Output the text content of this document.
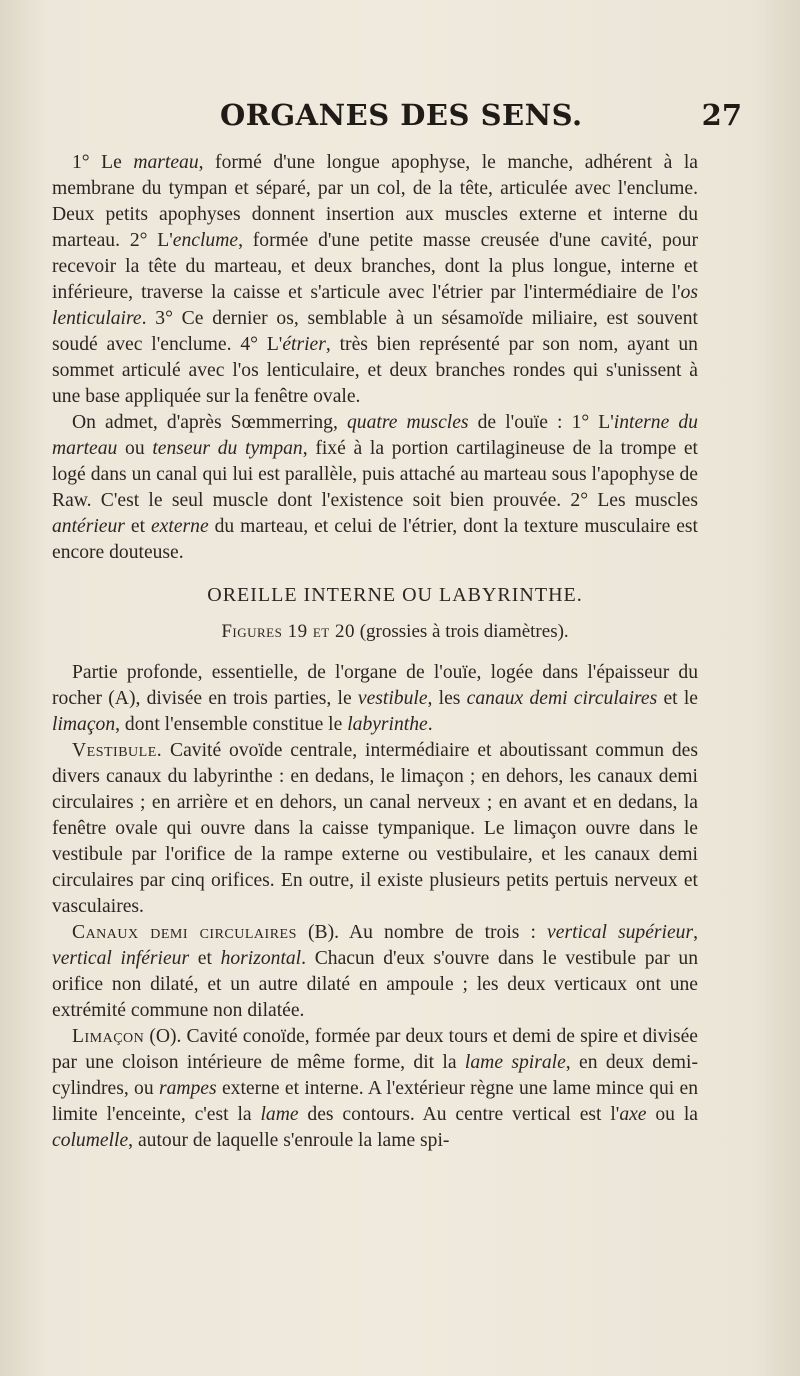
ORGANES DES SENS.	27

1° Le marteau, formé d'une longue apophyse, le manche, adhérent à la membrane du tympan et séparé, par un col, de la tête, articulée avec l'enclume. Deux petits apophyses donnent insertion aux muscles externe et interne du marteau. 2° L'enclume, formée d'une petite masse creusée d'une cavité, pour recevoir la tête du marteau, et deux branches, dont la plus longue, interne et inférieure, traverse la caisse et s'articule avec l'étrier par l'intermédiaire de l'os lenticulaire. 3° Ce dernier os, semblable à un sésamoïde miliaire, est souvent soudé avec l'enclume. 4° L'étrier, très bien représenté par son nom, ayant un sommet articulé avec l'os lenticulaire, et deux branches rondes qui s'unissent à une base appliquée sur la fenêtre ovale.

On admet, d'après Sœmmerring, quatre muscles de l'ouïe : 1° L'interne du marteau ou tenseur du tympan, fixé à la portion cartilagineuse de la trompe et logé dans un canal qui lui est parallèle, puis attaché au marteau sous l'apophyse de Raw. C'est le seul muscle dont l'existence soit bien prouvée. 2° Les muscles antérieur et externe du marteau, et celui de l'étrier, dont la texture musculaire est encore douteuse.

OREILLE INTERNE OU LABYRINTHE.

Figures 19 et 20 (grossies à trois diamètres).

Partie profonde, essentielle, de l'organe de l'ouïe, logée dans l'épaisseur du rocher (A), divisée en trois parties, le vestibule, les canaux demi circulaires et le limaçon, dont l'ensemble constitue le labyrinthe.

Vestibule. Cavité ovoïde centrale, intermédiaire et aboutissant commun des divers canaux du labyrinthe : en dedans, le limaçon ; en dehors, les canaux demi circulaires ; en arrière et en dehors, un canal nerveux ; en avant et en dedans, la fenêtre ovale qui ouvre dans la caisse tympanique. Le limaçon ouvre dans le vestibule par l'orifice de la rampe externe ou vestibulaire, et les canaux demi circulaires par cinq orifices. En outre, il existe plusieurs petits pertuis nerveux et vasculaires.

Canaux demi circulaires (B). Au nombre de trois : vertical supérieur, vertical inférieur et horizontal. Chacun d'eux s'ouvre dans le vestibule par un orifice non dilaté, et un autre dilaté en ampoule ; les deux verticaux ont une extrémité commune non dilatée.

Limaçon (O). Cavité conoïde, formée par deux tours et demi de spire et divisée par une cloison intérieure de même forme, dit la lame spirale, en deux demi-cylindres, ou rampes externe et interne. A l'extérieur règne une lame mince qui en limite l'enceinte, c'est la lame des contours. Au centre vertical est l'axe ou la columelle, autour de laquelle s'enroule la lame spi-
